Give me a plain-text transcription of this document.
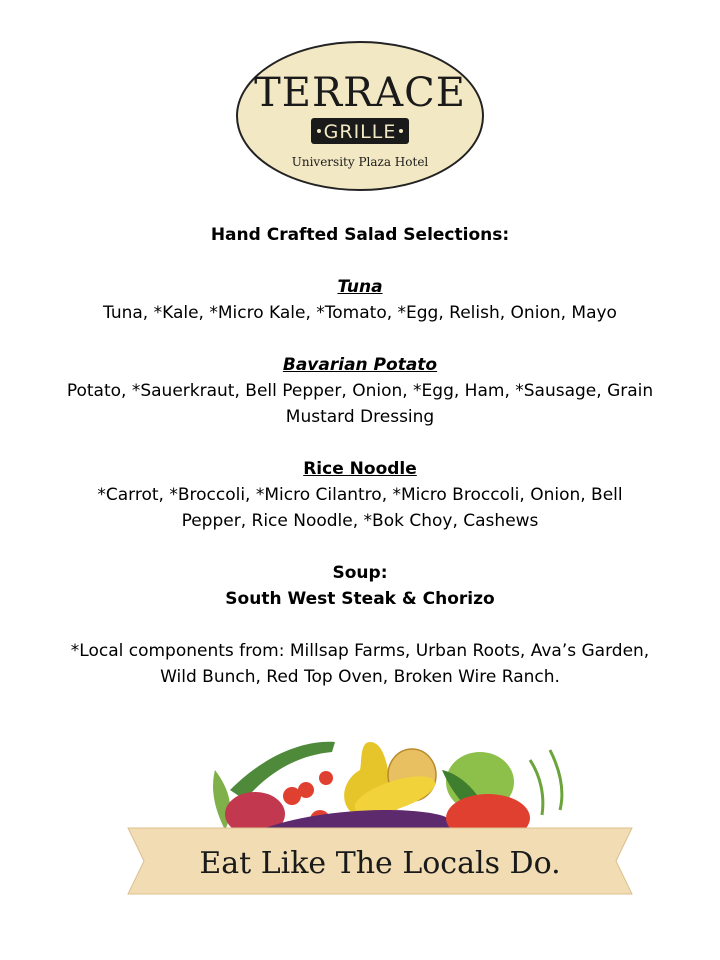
TERRACE
GRILLE
University Plaza Hotel

Hand Crafted Salad Selections:

Tuna

Tuna, *Kale, *Micro Kale, *Tomato, *Egg, Relish, Onion, Mayo

Bavarian Potato

Potato, *Sauerkraut, Bell Pepper, Onion, *Egg, Ham, *Sausage, Grain

Mustard Dressing

Rice Noodle

*Carrot, *Broccoli, *Micro Cilantro, *Micro Broccoli, Onion, Bell

Pepper, Rice Noodle, *Bok Choy, Cashews

Soup:

South West Steak & Chorizo

*Local components from: Millsap Farms, Urban Roots, Ava’s Garden,

Wild Bunch, Red Top Oven, Broken Wire Ranch.

Eat Like The Locals Do.
